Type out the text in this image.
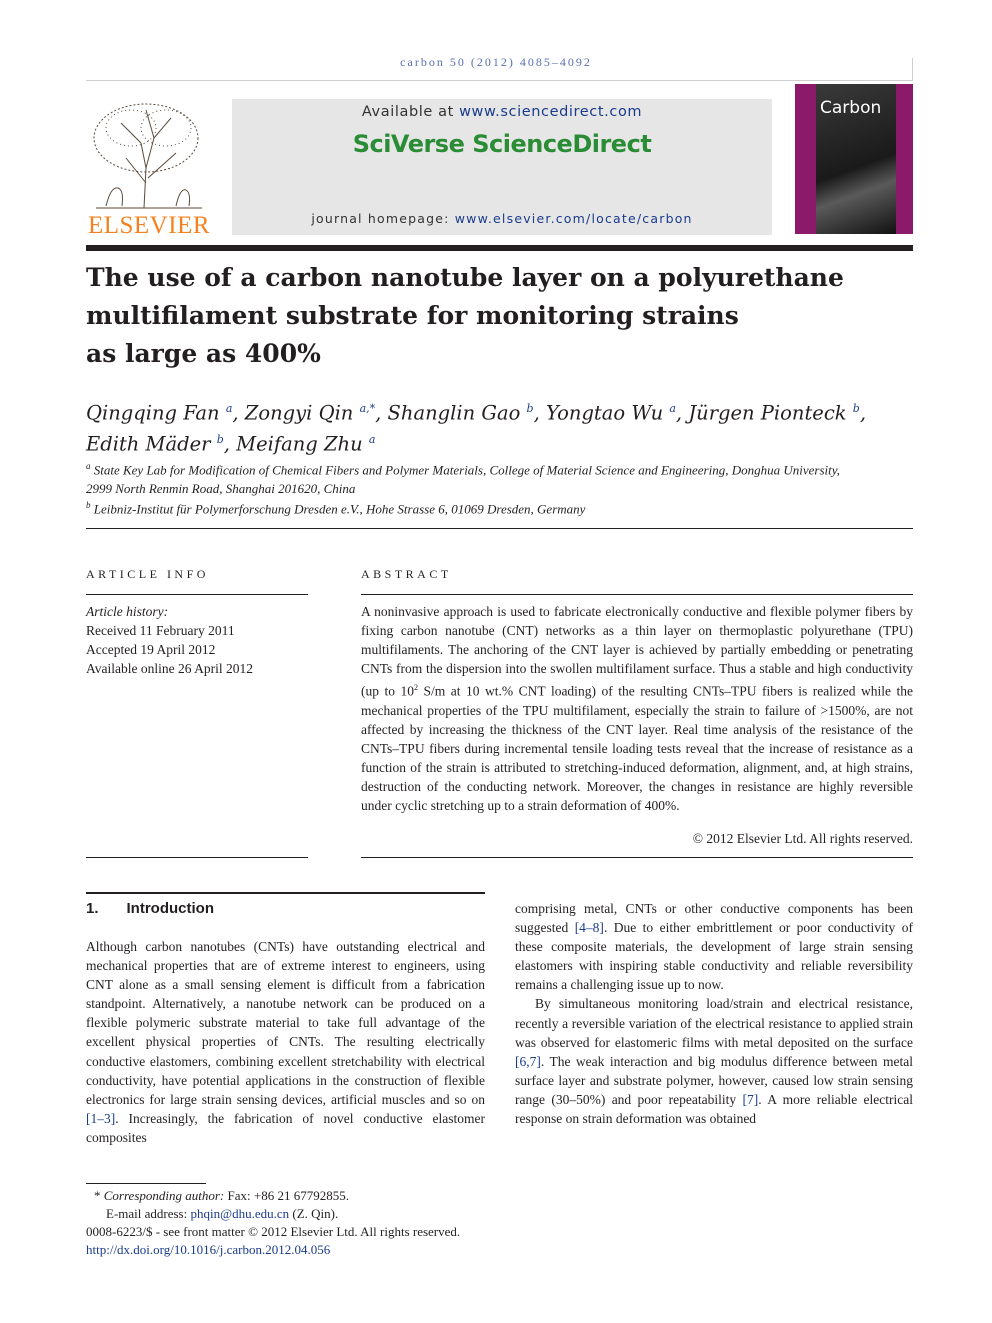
carbon 50 (2012) 4085–4092
ELSEVIER
Available at www.sciencedirect.com
SciVerse ScienceDirect
journal homepage: www.elsevier.com/locate/carbon
Carbon
The use of a carbon nanotube layer on a polyurethane
multifilament substrate for monitoring strains
as large as 400%
Qingqing Fan $^a$, Zongyi Qin $^{a,*}$, Shanglin Gao $^b$, Yongtao Wu $^a$, Jürgen Pionteck $^b$,
Edith Mäder $^b$, Meifang Zhu $^a$
$^a$ State Key Lab for Modification of Chemical Fibers and Polymer Materials, College of Material Science and Engineering, Donghua University,
2999 North Renmin Road, Shanghai 201620, China
$^b$ Leibniz-Institut für Polymerforschung Dresden e.V., Hohe Strasse 6, 01069 Dresden, Germany
ARTICLE INFO
Article history:
Received 11 February 2011
Accepted 19 April 2012
Available online 26 April 2012
ABSTRACT
A noninvasive approach is used to fabricate electronically conductive and flexible polymer fibers by fixing carbon nanotube (CNT) networks as a thin layer on thermoplastic polyurethane (TPU) multifilaments. The anchoring of the CNT layer is achieved by partially embedding or penetrating CNTs from the dispersion into the swollen multifilament surface. Thus a stable and high conductivity (up to $10^2$ S/m at 10 wt.% CNT loading) of the resulting CNTs–TPU fibers is realized while the mechanical properties of the TPU multifilament, especially the strain to failure of >1500%, are not affected by increasing the thickness of the CNT layer. Real time analysis of the resistance of the CNTs–TPU fibers during incremental tensile loading tests reveal that the increase of resistance as a function of the strain is attributed to stretching-induced deformation, alignment, and, at high strains, destruction of the conducting network. Moreover, the changes in resistance are highly reversible under cyclic stretching up to a strain deformation of 400%.
© 2012 Elsevier Ltd. All rights reserved.
1. Introduction

Although carbon nanotubes (CNTs) have outstanding electrical and mechanical properties that are of extreme interest to engineers, using CNT alone as a small sensing element is difficult from a fabrication standpoint. Alternatively, a nanotube network can be produced on a flexible polymeric substrate material to take full advantage of the excellent physical properties of CNTs. The resulting electrically conductive elastomers, combining excellent stretchability with electrical conductivity, have potential applications in the construction of flexible electronics for large strain sensing devices, artificial muscles and so on [1–3]. Increasingly, the fabrication of novel conductive elastomer composites

comprising metal, CNTs or other conductive components has been suggested [4–8]. Due to either embrittlement or poor conductivity of these composite materials, the development of large strain sensing elastomers with inspiring stable conductivity and reliable reversibility remains a challenging issue up to now.

By simultaneous monitoring load/strain and electrical resistance, recently a reversible variation of the electrical resistance to applied strain was observed for elastomeric films with metal deposited on the surface [6,7]. The weak interaction and big modulus difference between metal surface layer and substrate polymer, however, caused low strain sensing range (30–50%) and poor repeatability [7]. A more reliable electrical response on strain deformation was obtained

* Corresponding author: Fax: +86 21 67792855.
E-mail address: phqin@dhu.edu.cn (Z. Qin).
0008-6223/$ - see front matter © 2012 Elsevier Ltd. All rights reserved.
http://dx.doi.org/10.1016/j.carbon.2012.04.056
